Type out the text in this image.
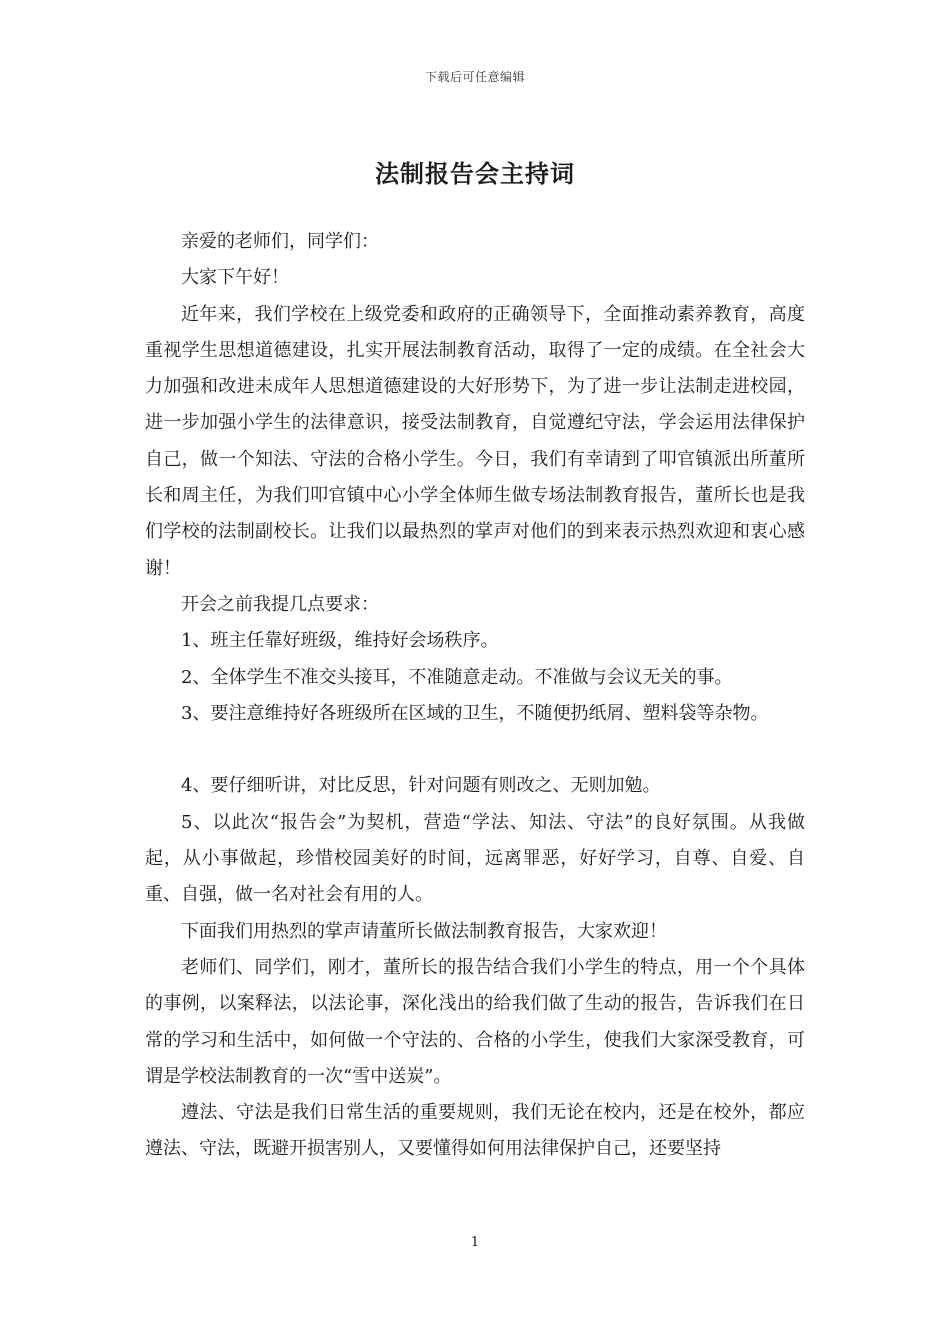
下载后可任意编辑
法制报告会主持词

亲爱的老师们，同学们：

大家下午好！

近年来，我们学校在上级党委和政府的正确领导下，全面推动素养教育，高度重视学生思想道德建设，扎实开展法制教育活动，取得了一定的成绩。在全社会大力加强和改进未成年人思想道德建设的大好形势下，为了进一步让法制走进校园，进一步加强小学生的法律意识，接受法制教育，自觉遵纪守法，学会运用法律保护自己，做一个知法、守法的合格小学生。今日，我们有幸请到了叩官镇派出所董所长和周主任，为我们叩官镇中心小学全体师生做专场法制教育报告，董所长也是我们学校的法制副校长。让我们以最热烈的掌声对他们的到来表示热烈欢迎和衷心感谢！

开会之前我提几点要求：

1、班主任靠好班级，维持好会场秩序。

2、全体学生不准交头接耳，不准随意走动。不准做与会议无关的事。

3、要注意维持好各班级所在区域的卫生，不随便扔纸屑、塑料袋等杂物。

4、要仔细听讲，对比反思，针对问题有则改之、无则加勉。

5、以此次“报告会”为契机，营造“学法、知法、守法”的良好氛围。从我做起，从小事做起，珍惜校园美好的时间，远离罪恶，好好学习，自尊、自爱、自重、自强，做一名对社会有用的人。

下面我们用热烈的掌声请董所长做法制教育报告，大家欢迎！

老师们、同学们，刚才，董所长的报告结合我们小学生的特点，用一个个具体的事例，以案释法，以法论事，深化浅出的给我们做了生动的报告，告诉我们在日常的学习和生活中，如何做一个守法的、合格的小学生，使我们大家深受教育，可谓是学校法制教育的一次“雪中送炭”。

遵法、守法是我们日常生活的重要规则，我们无论在校内，还是在校外，都应遵法、守法，既避开损害别人，又要懂得如何用法律保护自己，还要坚持

1
